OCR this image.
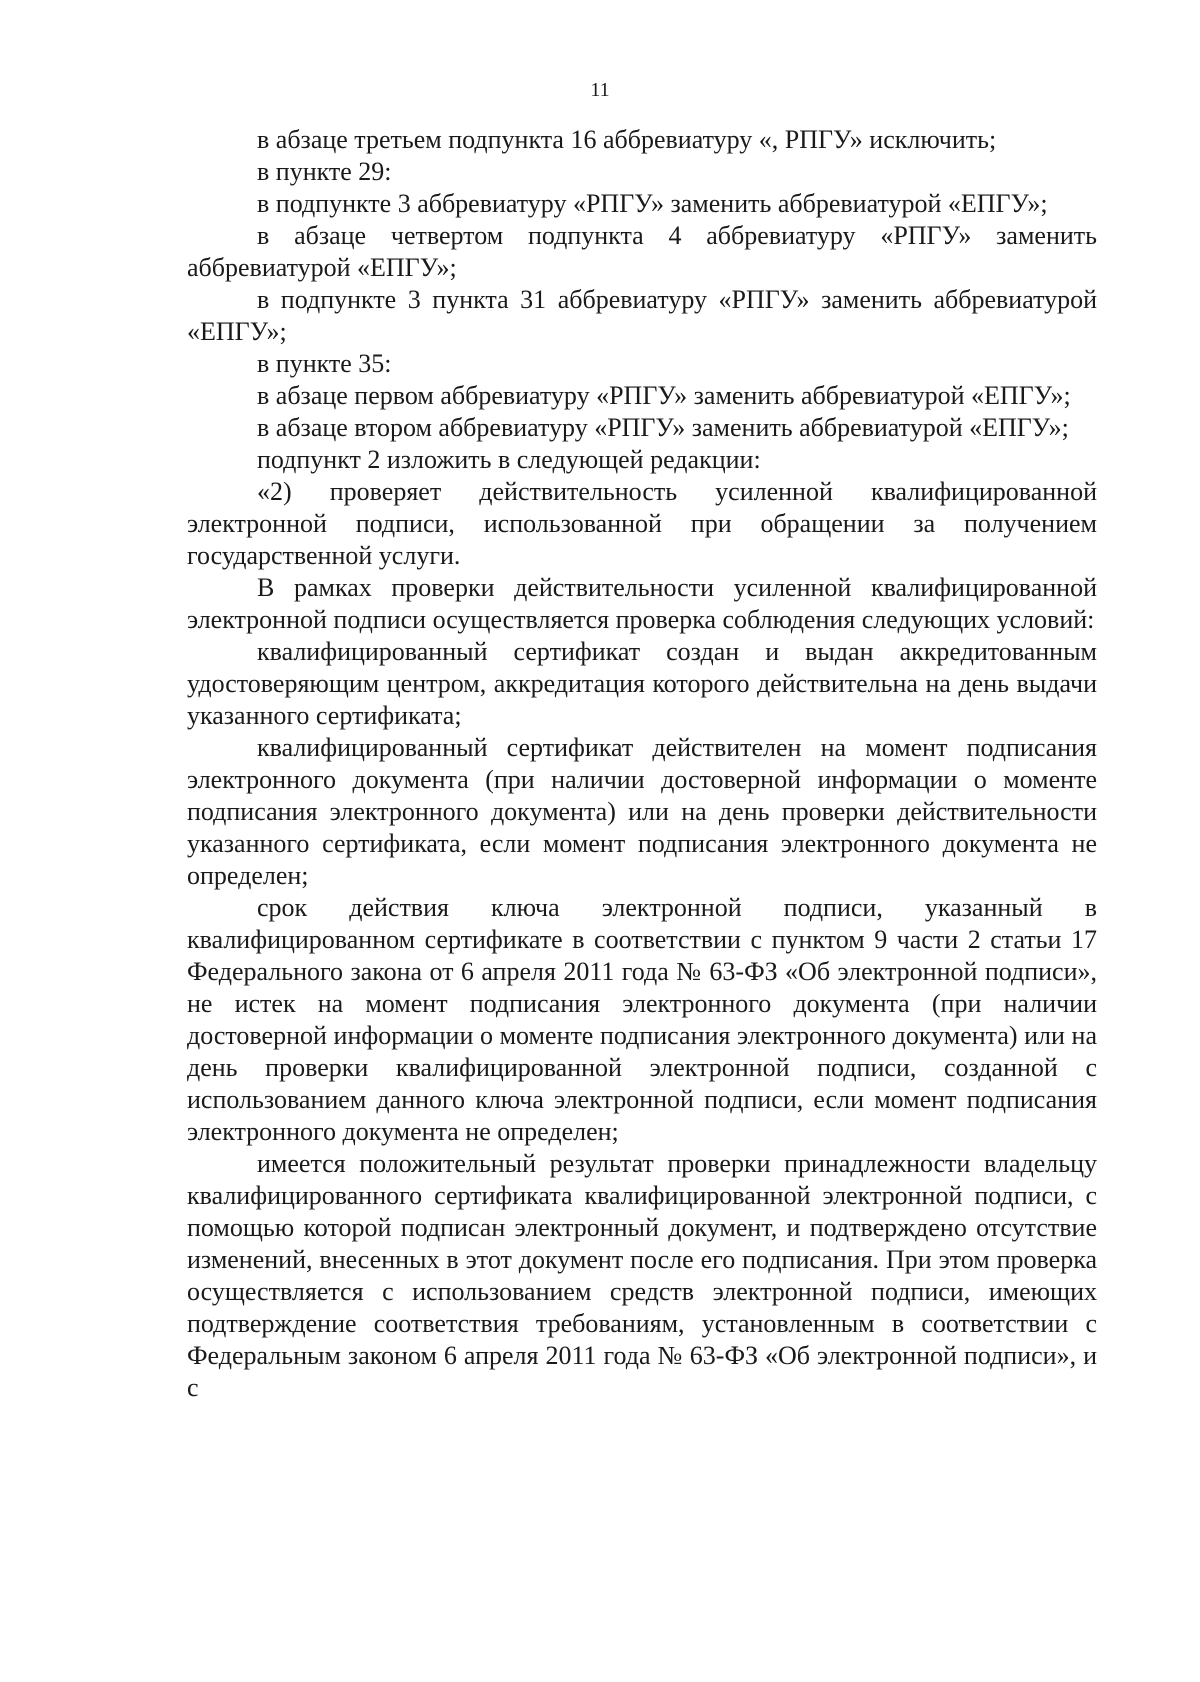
11

в абзаце третьем подпункта 16 аббревиатуру «, РПГУ» исключить;

в пункте 29:

в подпункте 3 аббревиатуру «РПГУ» заменить аббревиатурой «ЕПГУ»;

в абзаце четвертом подпункта 4 аббревиатуру «РПГУ» заменить аббревиатурой «ЕПГУ»;

в подпункте 3 пункта 31 аббревиатуру «РПГУ» заменить аббревиатурой «ЕПГУ»;

в пункте 35:

в абзаце первом аббревиатуру «РПГУ» заменить аббревиатурой «ЕПГУ»;

в абзаце втором аббревиатуру «РПГУ» заменить аббревиатурой «ЕПГУ»;

подпункт 2 изложить в следующей редакции:

«2) проверяет действительность усиленной квалифицированной электронной подписи, использованной при обращении за получением государственной услуги.

В рамках проверки действительности усиленной квалифицированной электронной подписи осуществляется проверка соблюдения следующих условий:

квалифицированный сертификат создан и выдан аккредитованным удостоверяющим центром, аккредитация которого действительна на день выдачи указанного сертификата;

квалифицированный сертификат действителен на момент подписания электронного документа (при наличии достоверной информации о моменте подписания электронного документа) или на день проверки действительности указанного сертификата, если момент подписания электронного документа не определен;

срок действия ключа электронной подписи, указанный в квалифицированном сертификате в соответствии с пунктом 9 части 2 статьи 17 Федерального закона от 6 апреля 2011 года № 63-ФЗ «Об электронной подписи», не истек на момент подписания электронного документа (при наличии достоверной информации о моменте подписания электронного документа) или на день проверки квалифицированной электронной подписи, созданной с использованием данного ключа электронной подписи, если момент подписания электронного документа не определен;

имеется положительный результат проверки принадлежности владельцу квалифицированного сертификата квалифицированной электронной подписи, с помощью которой подписан электронный документ, и подтверждено отсутствие изменений, внесенных в этот документ после его подписания. При этом проверка осуществляется с использованием средств электронной подписи, имеющих подтверждение соответствия требованиям, установленным в соответствии с Федеральным законом 6 апреля 2011 года № 63-ФЗ «Об электронной подписи», и с
